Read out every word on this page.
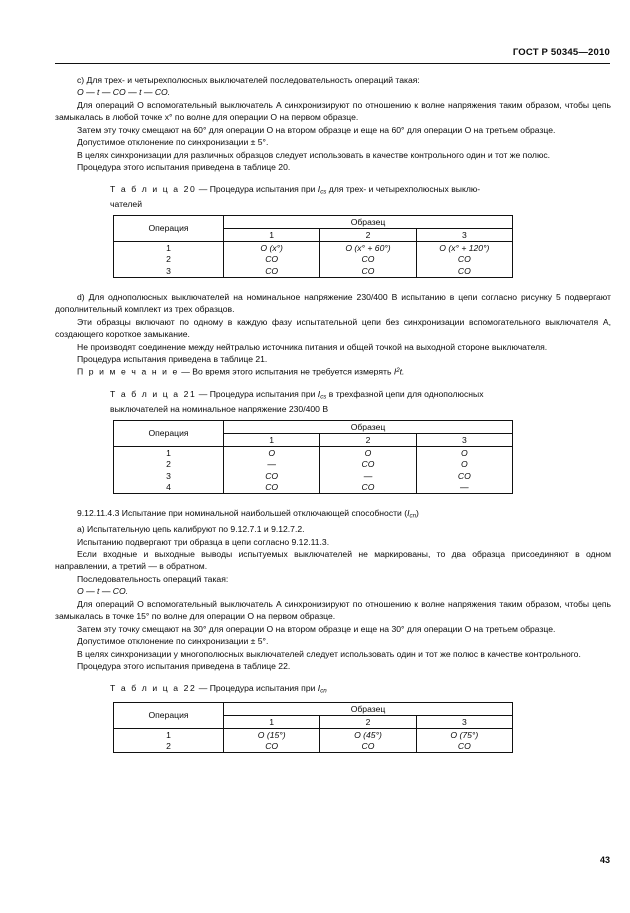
ГОСТ Р 50345—2010

c) Для трех- и четырехполюсных выключателей последовательность операций такая:

O — t — CO — t — CO.

Для операций O вспомогательный выключатель A синхронизируют по отношению к волне напряжения таким образом, чтобы цепь замыкалась в любой точке x° по волне для операции O на первом образце.

Затем эту точку смещают на 60° для операции O на втором образце и еще на 60° для операции O на третьем образце.

Допустимое отклонение по синхронизации ± 5°.

В целях синхронизации для различных образцов следует использовать в качестве контрольного один и тот же полюс.

Процедура этого испытания приведена в таблице 20.

Т а б л и ц а 20 — Процедура испытания при $I_{cs}$ для трех- и четырехполюсных выклю-
чателей

Операция	Образец		
	1	2	3
1	O (x°)	O (x° + 60°)	O (x° + 120°)
2	CO	CO	CO
3	CO	CO	CO

d) Для однополюсных выключателей на номинальное напряжение 230/400 В испытанию в цепи согласно рисунку 5 подвергают дополнительный комплект из трех образцов.

Эти образцы включают по одному в каждую фазу испытательной цепи без синхронизации вспомогательного выключателя A, создающего короткое замыкание.

Не производят соединение между нейтралью источника питания и общей точкой на выходной стороне выключателя.

Процедура испытания приведена в таблице 21.

П р и м е ч а н и е — Во время этого испытания не требуется измерять $I^2t$.

Т а б л и ц а 21 — Процедура испытания при $I_{cs}$ в трехфазной цепи для однополюсных
выключателей на номинальное напряжение 230/400 В

Операция	Образец		
	1	2	3
1	O	O	O
2	—	CO	O
3	CO	—	CO
4	CO	CO	—

9.12.11.4.3 Испытание при номинальной наибольшей отключающей способности $(I_{cn})$

a) Испытательную цепь калибруют по 9.12.7.1 и 9.12.7.2.

Испытанию подвергают три образца в цепи согласно 9.12.11.3.

Если входные и выходные выводы испытуемых выключателей не маркированы, то два образца присоединяют в одном направлении, а третий — в обратном.

Последовательность операций такая:

O — t — CO.

Для операций O вспомогательный выключатель A синхронизируют по отношению к волне напряжения таким образом, чтобы цепь замыкалась в точке 15° по волне для операции O на первом образце.

Затем эту точку смещают на 30° для операции O на втором образце и еще на 30° для операции O на третьем образце.

Допустимое отклонение по синхронизации ± 5°.

В целях синхронизации у многополюсных выключателей следует использовать один и тот же полюс в качестве контрольного.

Процедура этого испытания приведена в таблице 22.

Т а б л и ц а 22 — Процедура испытания при $I_{cn}$

Операция	Образец		
	1	2	3
1	O (15°)	O (45°)	O (75°)
2	CO	CO	CO
43
